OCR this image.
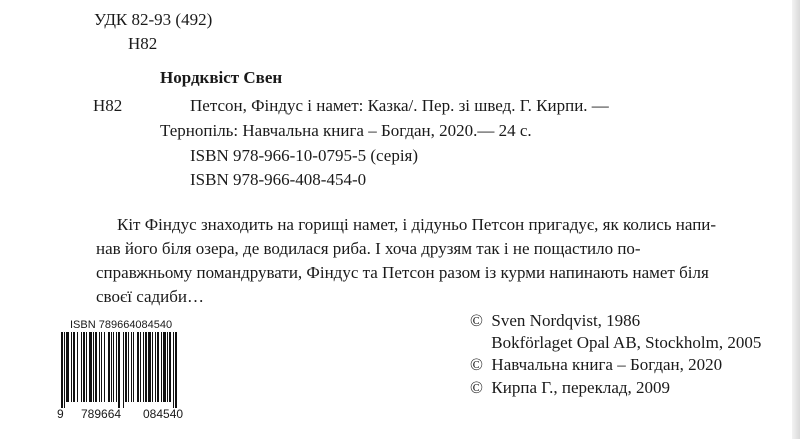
УДК 82-93 (492)
Н82
Нордквіст Свен
Н82	Петсон, Фіндус і намет: Казка/. Пер. зі швед. Г. Кирпи. —
Тернопіль: Навчальна книга – Богдан, 2020.— 24 с.
ISBN 978-966-10-0795-5 (серія)
ISBN 978-966-408-454-0
Кіт Фіндус знаходить на горищі намет, і дідуньо Петсон пригадує, як колись напи-
нав його біля озера, де водилася риба. І хоча друзям так і не пощастило по-
справжньому помандрувати, Фіндус та Петсон разом із курми напинають намет біля
своєї садиби…
ISBN 789664084540
9 789664 084540
©  Sven Nordqvist, 1986
Bokförlaget Opal AB, Stockholm, 2005
©  Навчальна книга – Богдан, 2020
©  Кирпа Г., переклад, 2009
